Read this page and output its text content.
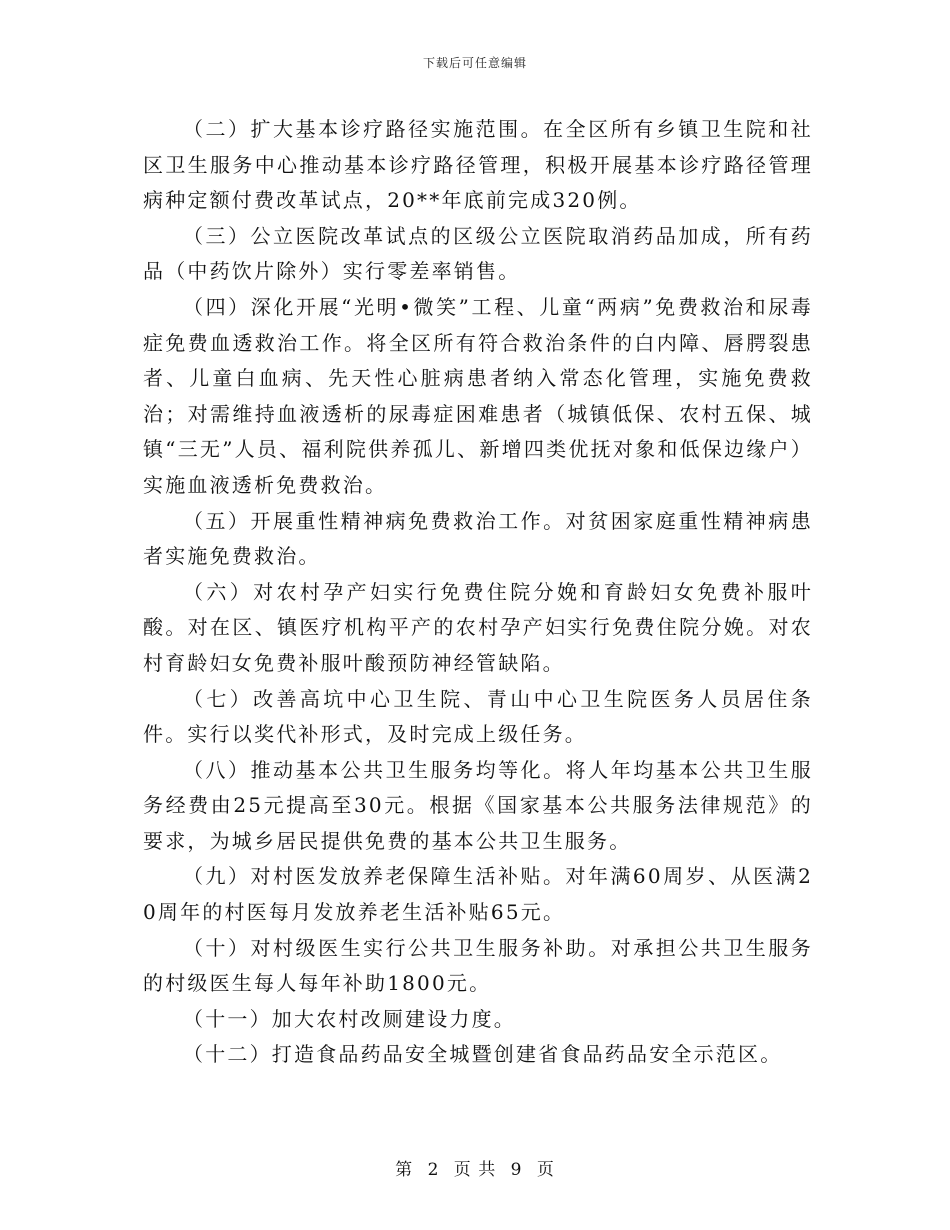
下载后可任意编辑

（二）扩大基本诊疗路径实施范围。在全区所有乡镇卫生院和社区卫生服务中心推动基本诊疗路径管理，积极开展基本诊疗路径管理病种定额付费改革试点，20**年底前完成320例。

（三）公立医院改革试点的区级公立医院取消药品加成，所有药品（中药饮片除外）实行零差率销售。

（四）深化开展“光明•微笑”工程、儿童“两病”免费救治和尿毒症免费血透救治工作。将全区所有符合救治条件的白内障、唇腭裂患者、儿童白血病、先天性心脏病患者纳入常态化管理，实施免费救治；对需维持血液透析的尿毒症困难患者（城镇低保、农村五保、城镇“三无”人员、福利院供养孤儿、新增四类优抚对象和低保边缘户）实施血液透析免费救治。

（五）开展重性精神病免费救治工作。对贫困家庭重性精神病患者实施免费救治。

（六）对农村孕产妇实行免费住院分娩和育龄妇女免费补服叶酸。对在区、镇医疗机构平产的农村孕产妇实行免费住院分娩。对农村育龄妇女免费补服叶酸预防神经管缺陷。

（七）改善高坑中心卫生院、青山中心卫生院医务人员居住条件。实行以奖代补形式，及时完成上级任务。

（八）推动基本公共卫生服务均等化。将人年均基本公共卫生服务经费由25元提高至30元。根据《国家基本公共服务法律规范》的要求，为城乡居民提供免费的基本公共卫生服务。

（九）对村医发放养老保障生活补贴。对年满60周岁、从医满20周年的村医每月发放养老生活补贴65元。

（十）对村级医生实行公共卫生服务补助。对承担公共卫生服务的村级医生每人每年补助1800元。

（十一）加大农村改厕建设力度。

（十二）打造食品药品安全城暨创建省食品药品安全示范区。

第 2 页 共 9 页
